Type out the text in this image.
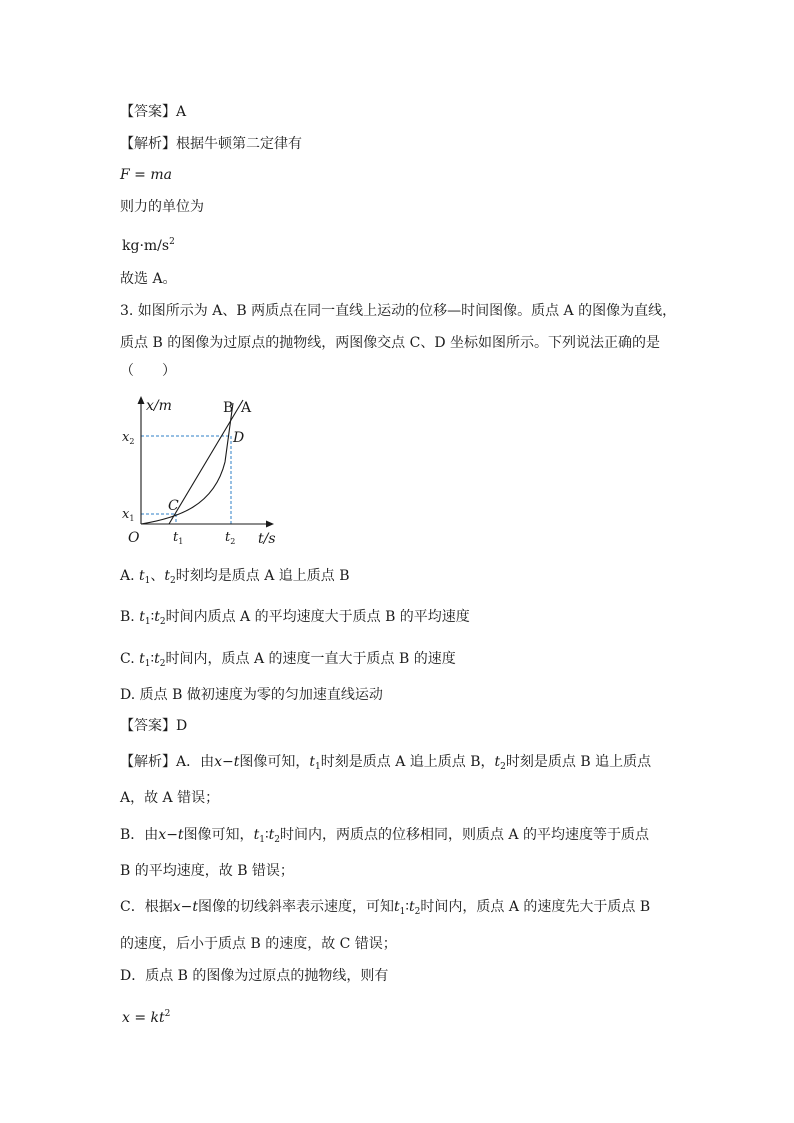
【答案】A
【解析】根据牛顿第二定律有
F = ma
则力的单位为
$kg\cdot m/s^2$
故选 A。
3. 如图所示为 A、B 两质点在同一直线上运动的位移—时间图像。质点 A 的图像为直线，
质点 B 的图像为过原点的抛物线，两图像交点 C、D 坐标如图所示。下列说法正确的是
（　　）
x/m
t/s
O
$x_2$
$x_1$
$t_1$	$t_2$
C
D
B A
A. $t_1$、$t_2$时刻均是质点 A 追上质点 B
B. $t_1∶t_2$时间内质点 A 的平均速度大于质点 B 的平均速度
C. $t_1∶t_2$时间内，质点 A 的速度一直大于质点 B 的速度
D. 质点 B 做初速度为零的匀加速直线运动
【答案】D
【解析】A．由x−t图像可知，$t_1$时刻是质点 A 追上质点 B，$t_2$时刻是质点 B 追上质点
A，故 A 错误；
B．由x−t图像可知，$t_1∶t_2$时间内，两质点的位移相同，则质点 A 的平均速度等于质点
B 的平均速度，故 B 错误；
C．根据x−t图像的切线斜率表示速度，可知$t_1∶t_2$时间内，质点 A 的速度先大于质点 B
的速度，后小于质点 B 的速度，故 C 错误；
D．质点 B 的图像为过原点的抛物线，则有
$x = kt^2$
